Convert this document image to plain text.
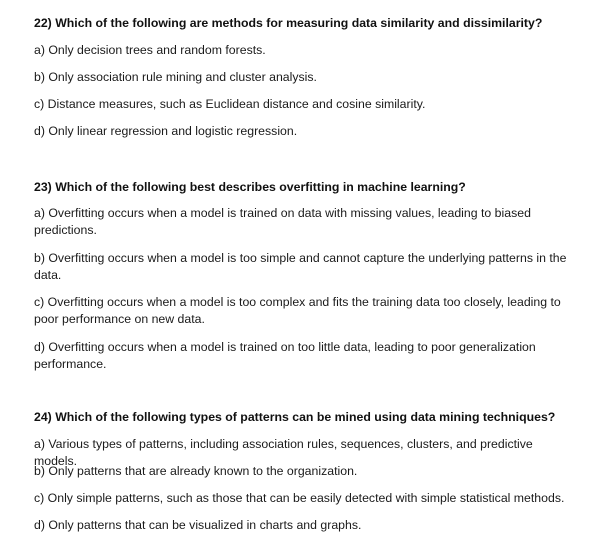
22) Which of the following are methods for measuring data similarity and dissimilarity?
a) Only decision trees and random forests.
b) Only association rule mining and cluster analysis.
c) Distance measures, such as Euclidean distance and cosine similarity.
d) Only linear regression and logistic regression.
23) Which of the following best describes overfitting in machine learning?
a) Overfitting occurs when a model is trained on data with missing values, leading to biased predictions.
b) Overfitting occurs when a model is too simple and cannot capture the underlying patterns in the data.
c) Overfitting occurs when a model is too complex and fits the training data too closely, leading to poor performance on new data.
d) Overfitting occurs when a model is trained on too little data, leading to poor generalization performance.
24) Which of the following types of patterns can be mined using data mining techniques?
a) Various types of patterns, including association rules, sequences, clusters, and predictive models.
b) Only patterns that are already known to the organization.
c) Only simple patterns, such as those that can be easily detected with simple statistical methods.
d) Only patterns that can be visualized in charts and graphs.
